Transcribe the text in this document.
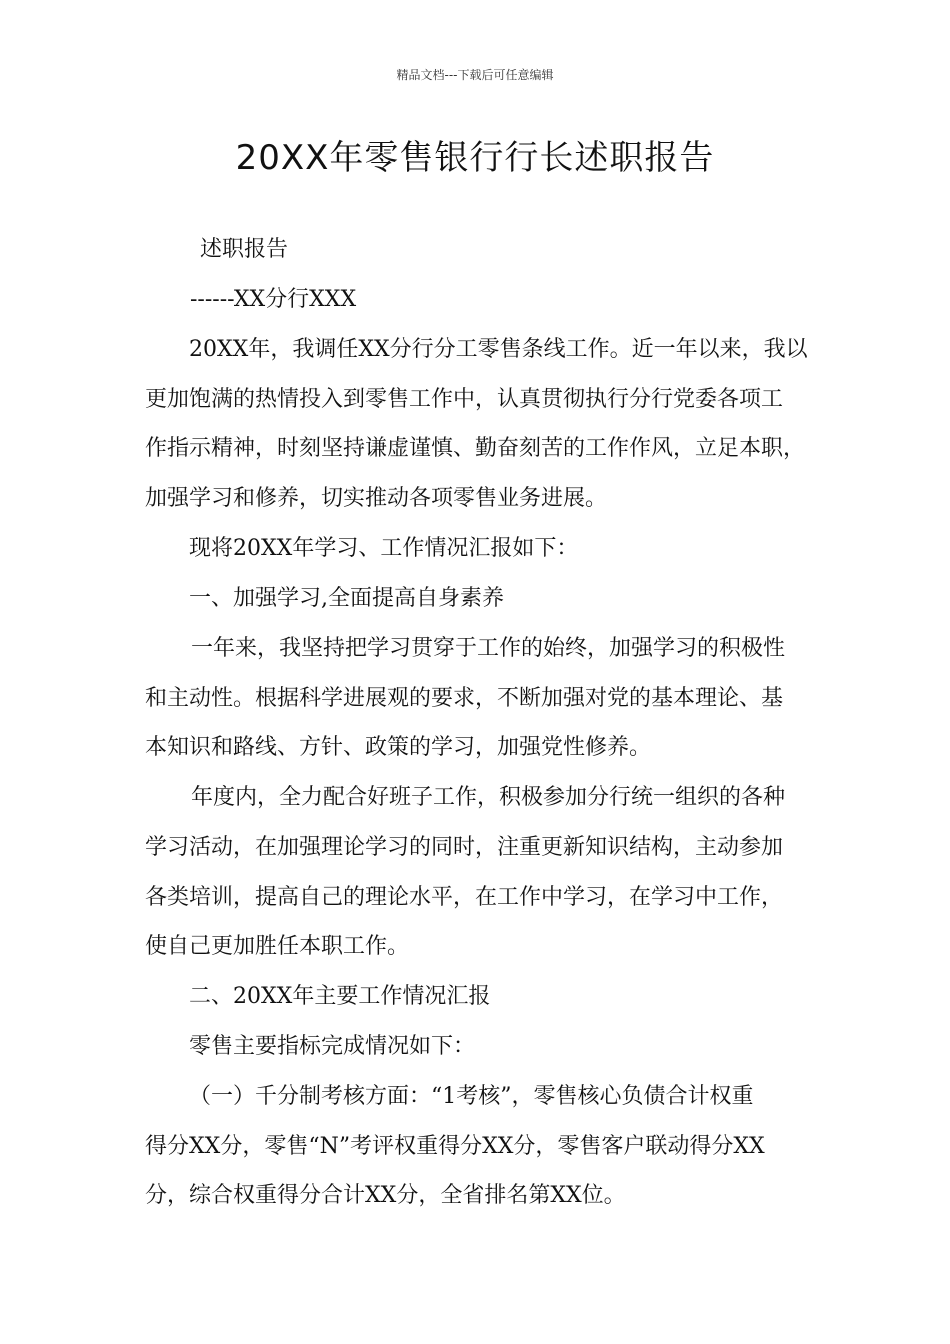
精品文档---下载后可任意编辑
20XX年零售银行行长述职报告
述职报告
------XX分行XXX
20XX年，我调任XX分行分工零售条线工作。近一年以来，我以
更加饱满的热情投入到零售工作中，认真贯彻执行分行党委各项工
作指示精神，时刻坚持谦虚谨慎、勤奋刻苦的工作作风，立足本职，
加强学习和修养，切实推动各项零售业务进展。
现将20XX年学习、工作情况汇报如下：
一、加强学习,全面提高自身素养
一年来，我坚持把学习贯穿于工作的始终，加强学习的积极性
和主动性。根据科学进展观的要求，不断加强对党的基本理论、基
本知识和路线、方针、政策的学习，加强党性修养。
年度内，全力配合好班子工作，积极参加分行统一组织的各种
学习活动，在加强理论学习的同时，注重更新知识结构，主动参加
各类培训，提高自己的理论水平，在工作中学习，在学习中工作，
使自己更加胜任本职工作。
二、20XX年主要工作情况汇报
零售主要指标完成情况如下：
（一）千分制考核方面：“1考核”，零售核心负债合计权重
得分XX分，零售“N”考评权重得分XX分，零售客户联动得分XX
分，综合权重得分合计XX分，全省排名第XX位。
